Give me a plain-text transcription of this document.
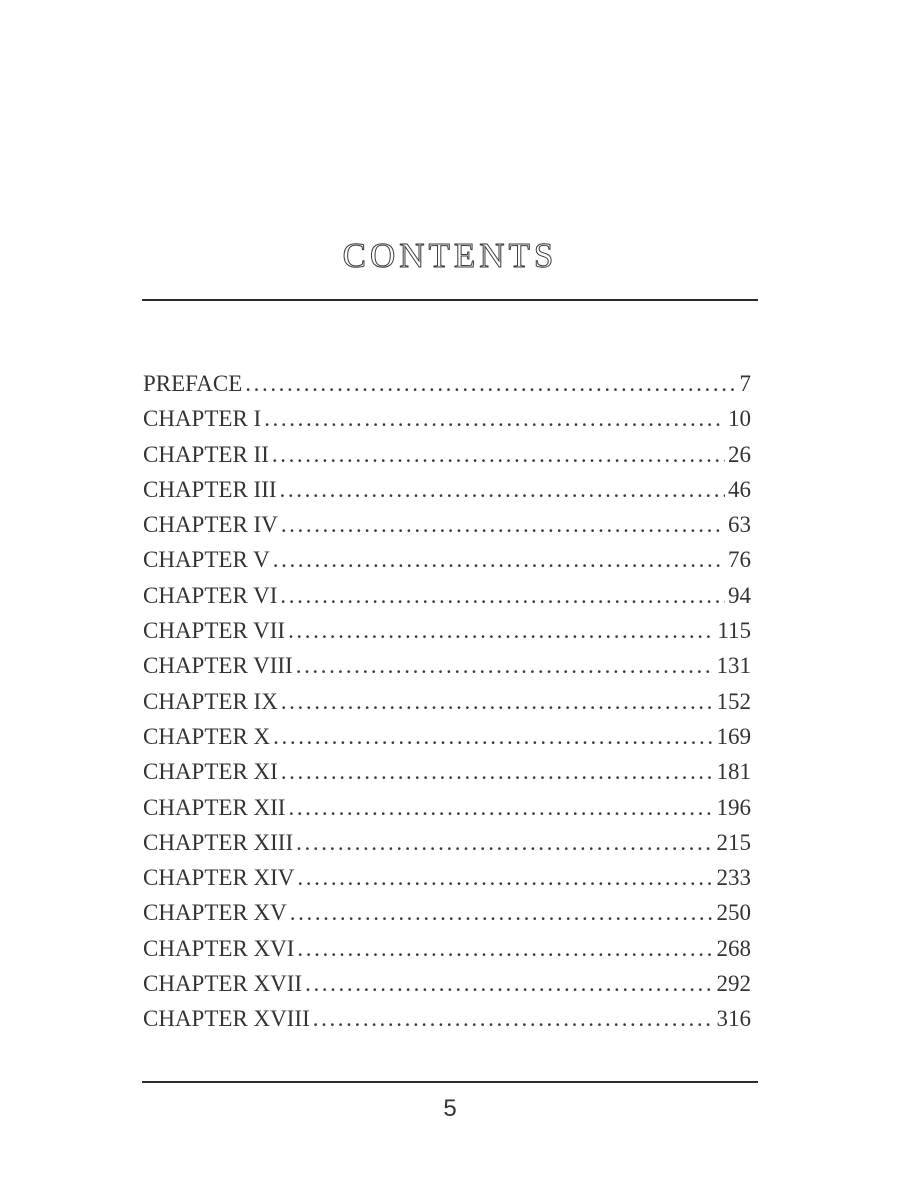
CONTENTS
PREFACE .....	7
CHAPTER I .....	10
CHAPTER II .....	26
CHAPTER III .....	46
CHAPTER IV .....	63
CHAPTER V .....	76
CHAPTER VI .....	94
CHAPTER VII .....	115
CHAPTER VIII .....	131
CHAPTER IX .....	152
CHAPTER X .....	169
CHAPTER XI .....	181
CHAPTER XII .....	196
CHAPTER XIII .....	215
CHAPTER XIV .....	233
CHAPTER XV .....	250
CHAPTER XVI .....	268
CHAPTER XVII .....	292
CHAPTER XVIII .....	316
5
